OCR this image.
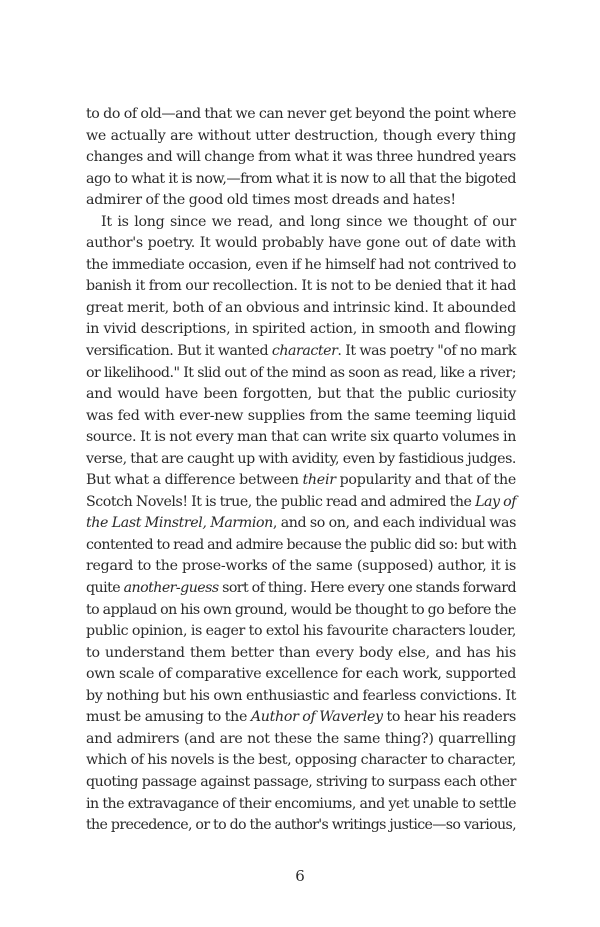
to do of old—and that we can never get beyond the point where
we actually are without utter destruction, though every thing
changes and will change from what it was three hundred years
ago to what it is now,—from what it is now to all that the bigoted
admirer of the good old times most dreads and hates!
It is long since we read, and long since we thought of our
author's poetry. It would probably have gone out of date with
the immediate occasion, even if he himself had not contrived to
banish it from our recollection. It is not to be denied that it had
great merit, both of an obvious and intrinsic kind. It abounded
in vivid descriptions, in spirited action, in smooth and flowing
versification. But it wanted character. It was poetry "of no mark
or likelihood." It slid out of the mind as soon as read, like a river;
and would have been forgotten, but that the public curiosity
was fed with ever-new supplies from the same teeming liquid
source. It is not every man that can write six quarto volumes in
verse, that are caught up with avidity, even by fastidious judges.
But what a difference between their popularity and that of the
Scotch Novels! It is true, the public read and admired the Lay of
the Last Minstrel, Marmion, and so on, and each individual was
contented to read and admire because the public did so: but with
regard to the prose-works of the same (supposed) author, it is
quite another-guess sort of thing. Here every one stands forward
to applaud on his own ground, would be thought to go before the
public opinion, is eager to extol his favourite characters louder,
to understand them better than every body else, and has his
own scale of comparative excellence for each work, supported
by nothing but his own enthusiastic and fearless convictions. It
must be amusing to the Author of Waverley to hear his readers
and admirers (and are not these the same thing?) quarrelling
which of his novels is the best, opposing character to character,
quoting passage against passage, striving to surpass each other
in the extravagance of their encomiums, and yet unable to settle
the precedence, or to do the author's writings justice—so various,
6
